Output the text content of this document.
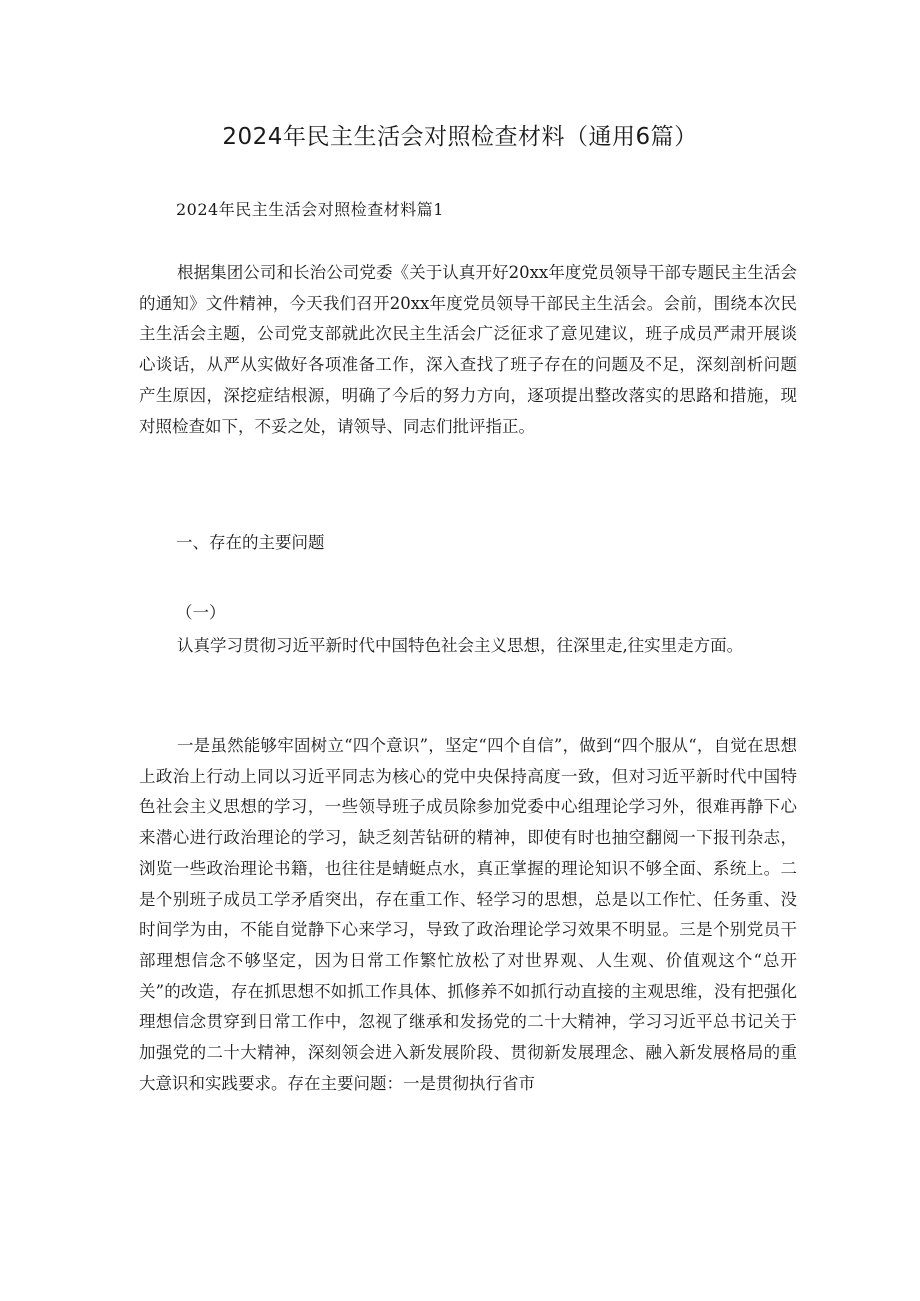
2024年民主生活会对照检查材料（通用6篇）

2024年民主生活会对照检查材料篇1

根据集团公司和长治公司党委《关于认真开好20xx年度党员领导干部专题民主生活会的通知》文件精神，今天我们召开20xx年度党员领导干部民主生活会。会前，围绕本次民主生活会主题，公司党支部就此次民主生活会广泛征求了意见建议，班子成员严肃开展谈心谈话，从严从实做好各项准备工作，深入查找了班子存在的问题及不足，深刻剖析问题产生原因，深挖症结根源，明确了今后的努力方向，逐项提出整改落实的思路和措施，现对照检查如下，不妥之处，请领导、同志们批评指正。

一、存在的主要问题

（一）

认真学习贯彻习近平新时代中国特色社会主义思想，往深里走,往实里走方面。

一是虽然能够牢固树立“四个意识”，坚定“四个自信”，做到“四个服从“，自觉在思想上政治上行动上同以习近平同志为核心的党中央保持高度一致，但对习近平新时代中国特色社会主义思想的学习，一些领导班子成员除参加党委中心组理论学习外，很难再静下心来潜心进行政治理论的学习，缺乏刻苦钻研的精神，即使有时也抽空翻阅一下报刊杂志，浏览一些政治理论书籍，也往往是蜻蜓点水，真正掌握的理论知识不够全面、系统上。二是个别班子成员工学矛盾突出，存在重工作、轻学习的思想，总是以工作忙、任务重、没时间学为由，不能自觉静下心来学习，导致了政治理论学习效果不明显。三是个别党员干部理想信念不够坚定，因为日常工作繁忙放松了对世界观、人生观、价值观这个“总开关”的改造，存在抓思想不如抓工作具体、抓修养不如抓行动直接的主观思维，没有把强化理想信念贯穿到日常工作中，忽视了继承和发扬党的二十大精神，学习习近平总书记关于加强党的二十大精神，深刻领会进入新发展阶段、贯彻新发展理念、融入新发展格局的重大意识和实践要求。存在主要问题：一是贯彻执行省市
